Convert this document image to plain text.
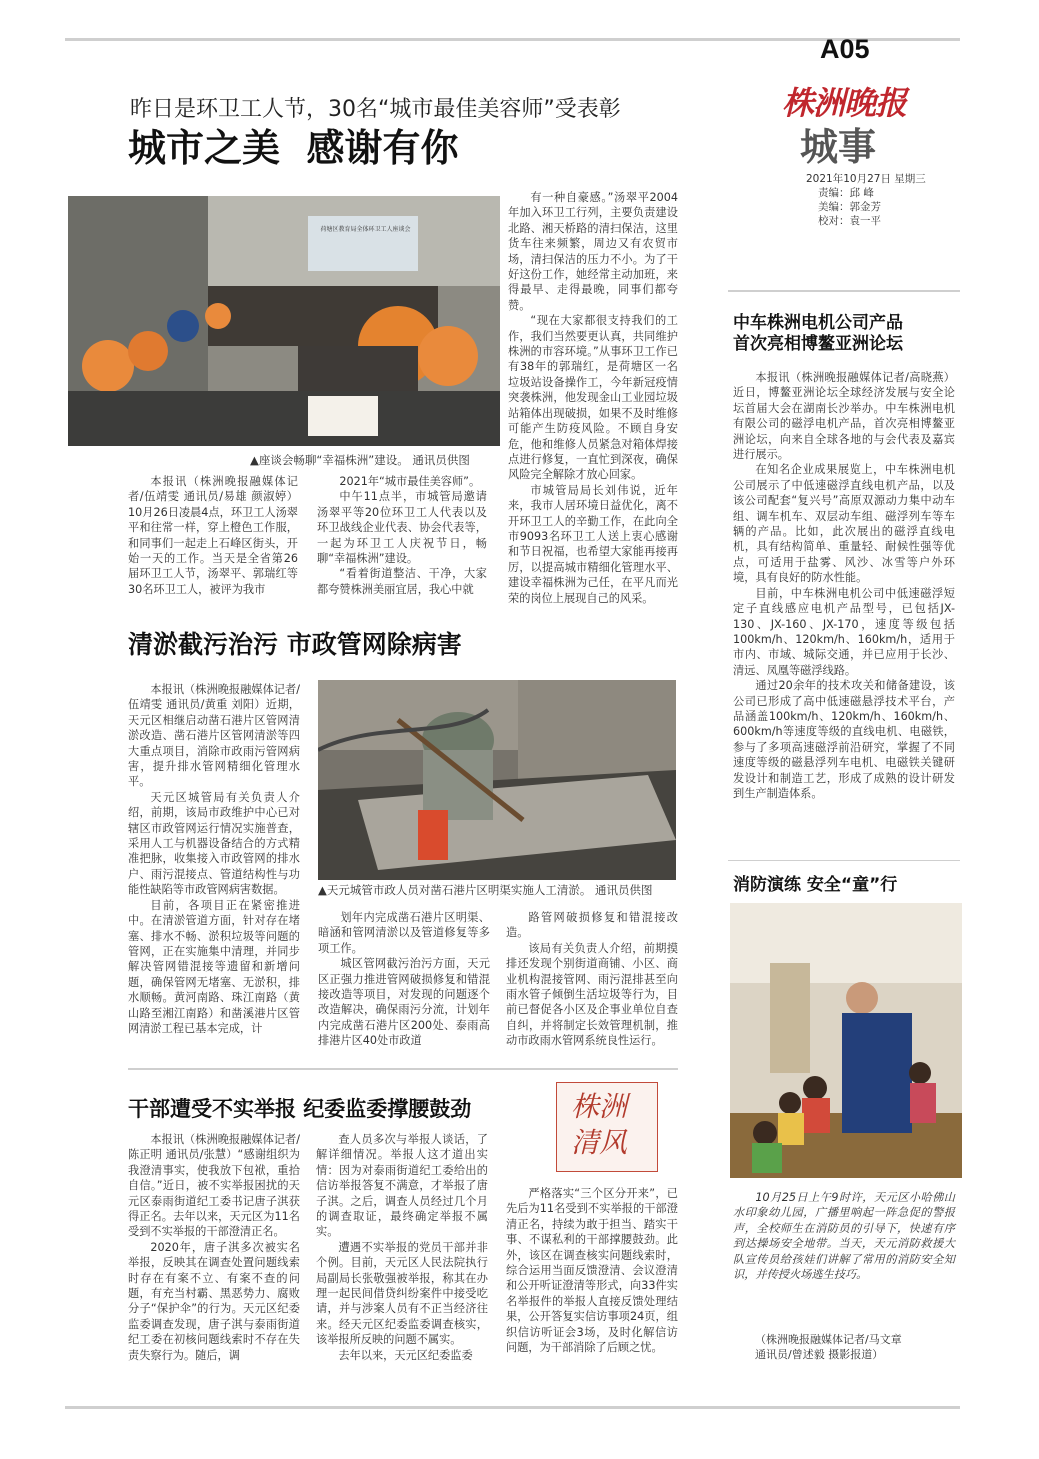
A05
株洲晚报
城事
2021年10月27日 星期三
责编：邱 峰
美编：郭金芳
校对：袁一平
昨日是环卫工人节，30名“城市最佳美容师”受表彰
城市之美  感谢有你
荷塘区教育局全体环卫工人座谈会
▲座谈会畅聊“幸福株洲”建设。 通讯员供图

本报讯（株洲晚报融媒体记者/伍靖雯 通讯员/易雄 颜淑婷）10月26日凌晨4点，环卫工人汤翠平和往常一样，穿上橙色工作服，和同事们一起走上石峰区街头，开始一天的工作。当天是全省第26届环卫工人节，汤翠平、郭瑞红等30名环卫工人，被评为我市

2021年“城市最佳美容师”。

中午11点半，市城管局邀请汤翠平等20位环卫工人代表以及环卫战线企业代表、协会代表等，一起为环卫工人庆祝节日，畅聊“幸福株洲”建设。

“看着街道整洁、干净，大家都夸赞株洲美丽宜居，我心中就

有一种自豪感。”汤翠平2004年加入环卫工行列，主要负责建设北路、湘天桥路的清扫保洁，这里货车往来频繁，周边又有农贸市场，清扫保洁的压力不小。为了干好这份工作，她经常主动加班，来得最早、走得最晚，同事们都夸赞。

“现在大家都很支持我们的工作，我们当然要更认真，共同维护株洲的市容环境。”从事环卫工作已有38年的郭瑞红，是荷塘区一名垃圾站设备操作工，今年新冠疫情突袭株洲，他发现金山工业园垃圾站箱体出现破损，如果不及时维修可能产生防疫风险。不顾自身安危，他和维修人员紧急对箱体焊接点进行修复，一直忙到深夜，确保风险完全解除才放心回家。

市城管局局长刘伟说，近年来，我市人居环境日益优化，离不开环卫工人的辛勤工作，在此向全市9093名环卫工人送上衷心感谢和节日祝福，也希望大家能再接再厉，以提高城市精细化管理水平、建设幸福株洲为己任，在平凡而光荣的岗位上展现自己的风采。

清淤截污治污 市政管网除病害
▲天元城管市政人员对凿石港片区明渠实施人工清淤。 通讯员供图

本报讯（株洲晚报融媒体记者/伍靖雯 通讯员/黄重 刘阳）近期，天元区相继启动凿石港片区管网清淤改造、凿石港片区管网清淤等四大重点项目，消除市政雨污管网病害，提升排水管网精细化管理水平。

天元区城管局有关负责人介绍，前期，该局市政维护中心已对辖区市政管网运行情况实施普查，采用人工与机器设备结合的方式精准把脉，收集接入市政管网的排水户、雨污混接点、管道结构性与功能性缺陷等市政管网病害数据。

目前，各项目正在紧密推进中。在清淤管道方面，针对存在堵塞、排水不畅、淤积垃圾等问题的管网，正在实施集中清理，并同步解决管网错混接等遗留和新增问题，确保管网无堵塞、无淤积，排水顺畅。黄河南路、珠江南路（黄山路至湘江南路）和凿溪港片区管网清淤工程已基本完成，计

划年内完成凿石港片区明渠、暗涵和管网清淤以及管道修复等多项工作。

城区管网截污治污方面，天元区正强力推进管网破损修复和错混接改造等项目，对发现的问题逐个改造解决，确保雨污分流，计划年内完成凿石港片区200处、泰雨高排港片区40处市政道

路管网破损修复和错混接改造。

该局有关负责人介绍，前期摸排还发现个别街道商铺、小区、商业机构混接管网、雨污混排甚至向雨水管子倾倒生活垃圾等行为，目前已督促各小区及企事业单位自查自纠，并将制定长效管理机制，推动市政雨水管网系统良性运行。

干部遭受不实举报 纪委监委撑腰鼓劲	株洲清风

本报讯（株洲晚报融媒体记者/陈正明 通讯员/张慧）“感谢组织为我澄清事实，使我放下包袱，重拾自信。”近日，被不实举报困扰的天元区泰雨街道纪工委书记唐子淇获得正名。去年以来，天元区为11名受到不实举报的干部澄清正名。

2020年，唐子淇多次被实名举报，反映其在调查处置问题线索时存在有案不立、有案不查的问题，有充当村霸、黑恶势力、腐败分子“保护伞”的行为。天元区纪委监委调查发现，唐子淇与泰雨街道纪工委在初核问题线索时不存在失责失察行为。随后，调

查人员多次与举报人谈话，了解详细情况。举报人这才道出实情：因为对泰雨街道纪工委给出的信访举报答复不满意，才举报了唐子淇。之后，调查人员经过几个月的调查取证，最终确定举报不属实。

遭遇不实举报的党员干部并非个例。目前，天元区人民法院执行局副局长张敬强被举报，称其在办理一起民间借贷纠纷案件中接受吃请，并与涉案人员有不正当经济往来。经天元区纪委监委调查核实，该举报所反映的问题不属实。

去年以来，天元区纪委监委

严格落实“三个区分开来”，已先后为11名受到不实举报的干部澄清正名，持续为敢于担当、踏实干事、不谋私利的干部撑腰鼓劲。此外，该区在调查核实问题线索时，综合运用当面反馈澄清、会议澄清和公开听证澄清等形式，向33件实名举报件的举报人直接反馈处理结果，公开答复实信访事项24页，组织信访听证会3场，及时化解信访问题，为干部消除了后顾之忧。

中车株洲电机公司产品
首次亮相博鳌亚洲论坛

本报讯（株洲晚报融媒体记者/高晓燕）近日，博鳌亚洲论坛全球经济发展与安全论坛首届大会在湖南长沙举办。中车株洲电机有限公司的磁浮电机产品，首次亮相博鳌亚洲论坛，向来自全球各地的与会代表及嘉宾进行展示。

在知名企业成果展览上，中车株洲电机公司展示了中低速磁浮直线电机产品，以及该公司配套“复兴号”高原双源动力集中动车组、调车机车、双层动车组、磁浮列车等车辆的产品。比如，此次展出的磁浮直线电机，具有结构简单、重量轻、耐候性强等优点，可适用于盐雾、风沙、冰雪等户外环境，具有良好的防水性能。

目前，中车株洲电机公司中低速磁浮短定子直线感应电机产品型号，已包括JX-130、JX-160、JX-170，速度等级包括100km/h、120km/h、160km/h，适用于市内、市域、城际交通，并已应用于长沙、清远、凤凰等磁浮线路。

通过20余年的技术攻关和储备建设，该公司已形成了高中低速磁悬浮技术平台，产品涵盖100km/h、120km/h、160km/h、600km/h等速度等级的直线电机、电磁铁，参与了多项高速磁浮前沿研究，掌握了不同速度等级的磁悬浮列车电机、电磁铁关键研发设计和制造工艺，形成了成熟的设计研发到生产制造体系。

消防演练 安全“童”行

10月25日上午9时许，天元区小哈佛山水印象幼儿园，广播里响起一阵急促的警报声，全校师生在消防员的引导下，快速有序到达操场安全地带。当天，天元消防救援大队宣传员给孩娃们讲解了常用的消防安全知识，并传授火场逃生技巧。

（株洲晚报融媒体记者/马文章

通讯员/曾述毅 摄影报道）
